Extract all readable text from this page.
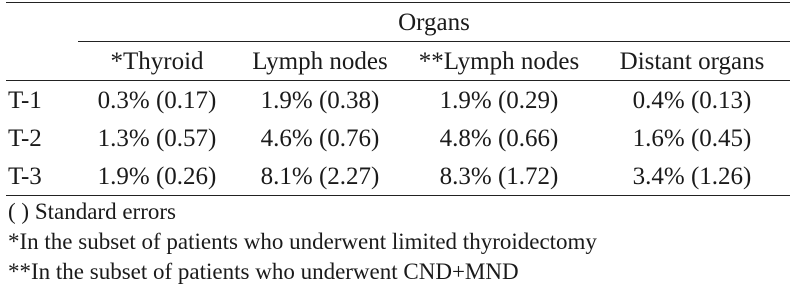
	Organs			
	*Thyroid	Lymph nodes	**Lymph nodes	Distant organs
T-1	0.3% (0.17)	1.9% (0.38)	1.9% (0.29)	0.4% (0.13)
T-2	1.3% (0.57)	4.6% (0.76)	4.8% (0.66)	1.6% (0.45)
T-3	1.9% (0.26)	8.1% (2.27)	8.3% (1.72)	3.4% (1.26)
( ) Standard errors
*In the subset of patients who underwent limited thyroidectomy
**In the subset of patients who underwent CND+MND
